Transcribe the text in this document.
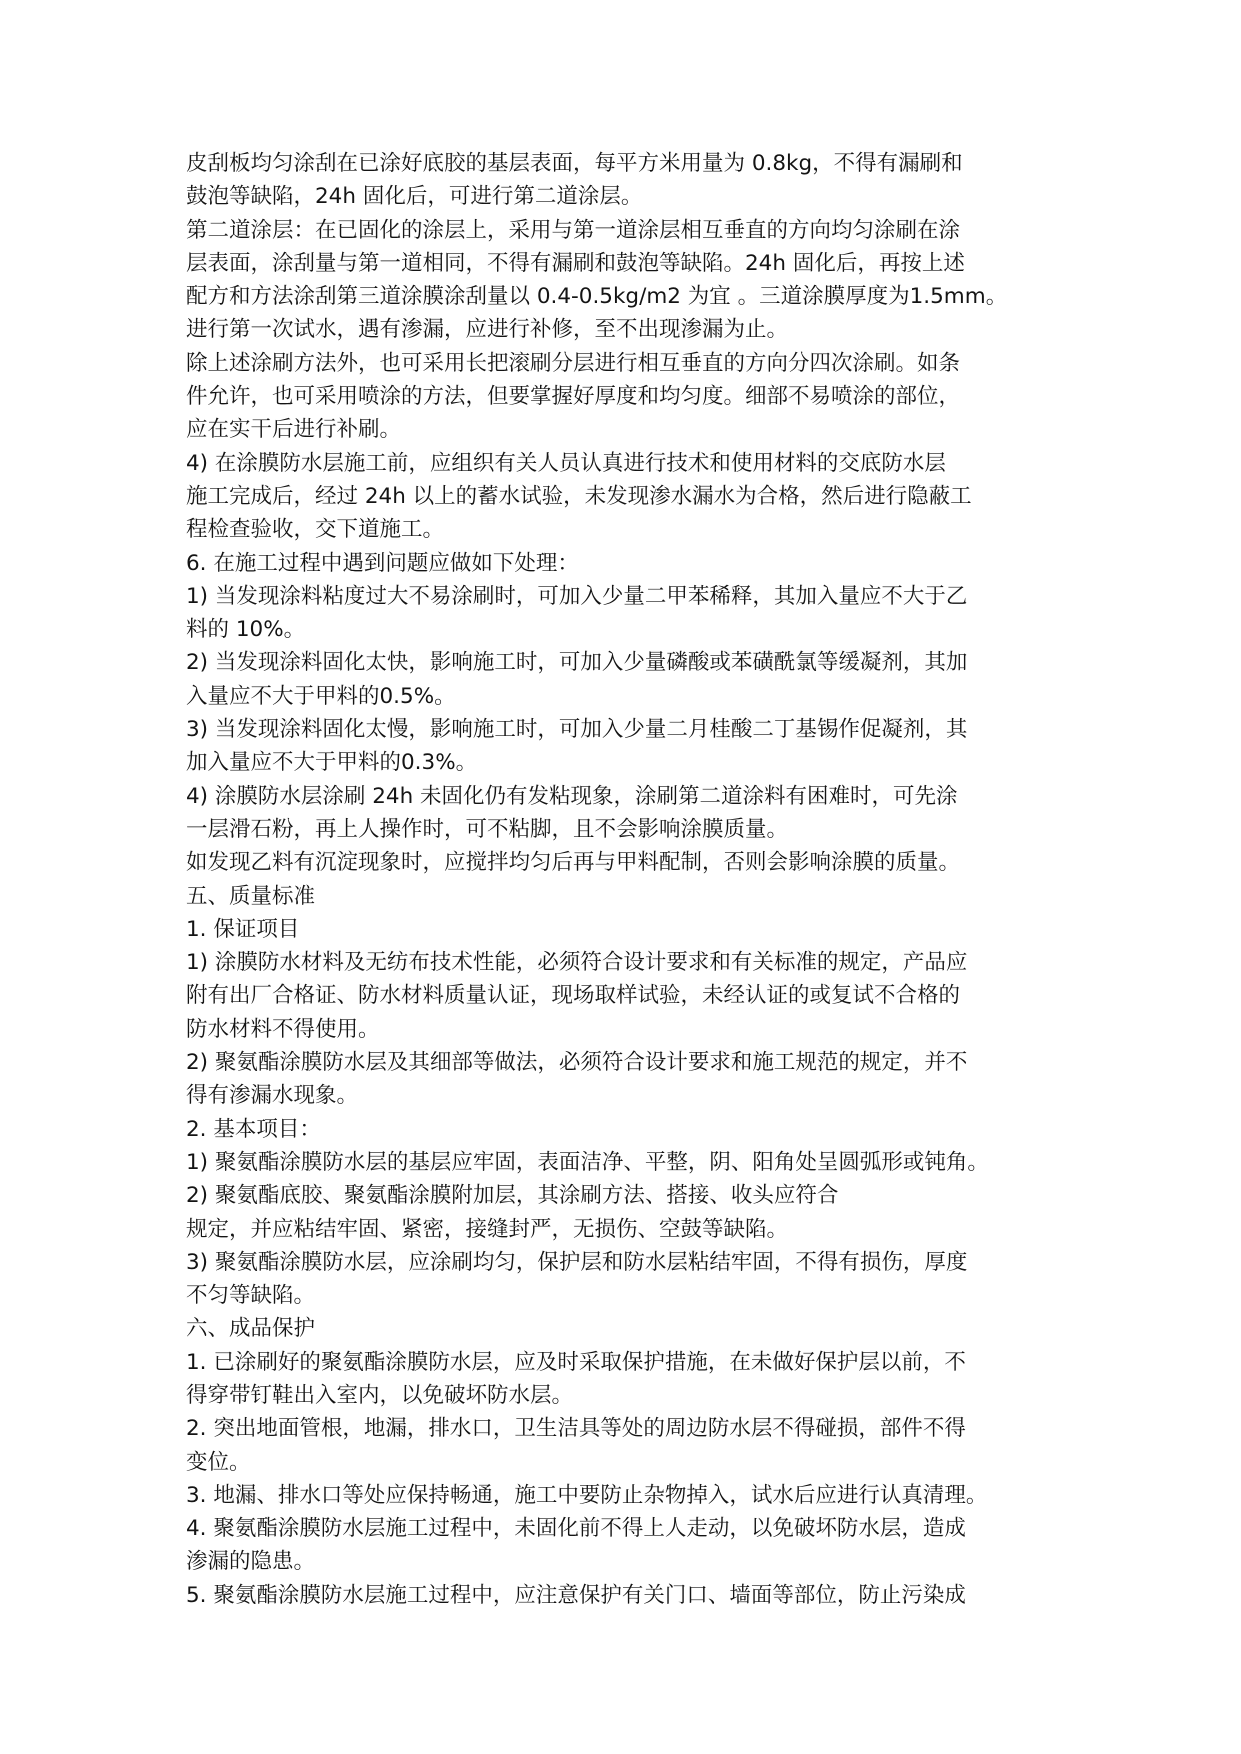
皮刮板均匀涂刮在已涂好底胶的基层表面，每平方米用量为 0.8kg，不得有漏刷和
鼓泡等缺陷，24h 固化后，可进行第二道涂层。
第二道涂层：在已固化的涂层上，采用与第一道涂层相互垂直的方向均匀涂刷在涂
层表面，涂刮量与第一道相同，不得有漏刷和鼓泡等缺陷。24h 固化后，再按上述
配方和方法涂刮第三道涂膜涂刮量以 0.4-0.5kg/m2 为宜 。三道涂膜厚度为1.5mm。
进行第一次试水，遇有渗漏，应进行补修，至不出现渗漏为止。
除上述涂刷方法外，也可采用长把滚刷分层进行相互垂直的方向分四次涂刷。如条
件允许，也可采用喷涂的方法，但要掌握好厚度和均匀度。细部不易喷涂的部位，
应在实干后进行补刷。
4) 在涂膜防水层施工前，应组织有关人员认真进行技术和使用材料的交底防水层
施工完成后，经过 24h 以上的蓄水试验，未发现渗水漏水为合格，然后进行隐蔽工
程检查验收，交下道施工。
6. 在施工过程中遇到问题应做如下处理：
1) 当发现涂料粘度过大不易涂刷时，可加入少量二甲苯稀释，其加入量应不大于乙
料的 10%。
2) 当发现涂料固化太快，影响施工时，可加入少量磷酸或苯磺酰氯等缓凝剂，其加
入量应不大于甲料的0.5%。
3) 当发现涂料固化太慢，影响施工时，可加入少量二月桂酸二丁基锡作促凝剂，其
加入量应不大于甲料的0.3%。
4) 涂膜防水层涂刷 24h 未固化仍有发粘现象，涂刷第二道涂料有困难时，可先涂
一层滑石粉，再上人操作时，可不粘脚，且不会影响涂膜质量。
如发现乙料有沉淀现象时，应搅拌均匀后再与甲料配制，否则会影响涂膜的质量。
五、质量标准
1. 保证项目
1) 涂膜防水材料及无纺布技术性能，必须符合设计要求和有关标准的规定，产品应
附有出厂合格证、防水材料质量认证，现场取样试验，未经认证的或复试不合格的
防水材料不得使用。
2) 聚氨酯涂膜防水层及其细部等做法，必须符合设计要求和施工规范的规定，并不
得有渗漏水现象。
2. 基本项目：
1) 聚氨酯涂膜防水层的基层应牢固，表面洁净、平整，阴、阳角处呈圆弧形或钝角。
2) 聚氨酯底胶、聚氨酯涂膜附加层，其涂刷方法、搭接、收头应符合
规定，并应粘结牢固、紧密，接缝封严，无损伤、空鼓等缺陷。
3) 聚氨酯涂膜防水层，应涂刷均匀，保护层和防水层粘结牢固，不得有损伤，厚度
不匀等缺陷。
六、成品保护
1. 已涂刷好的聚氨酯涂膜防水层，应及时采取保护措施，在未做好保护层以前，不
得穿带钉鞋出入室内，以免破坏防水层。
2. 突出地面管根，地漏，排水口，卫生洁具等处的周边防水层不得碰损，部件不得
变位。
3. 地漏、排水口等处应保持畅通，施工中要防止杂物掉入，试水后应进行认真清理。
4. 聚氨酯涂膜防水层施工过程中，未固化前不得上人走动，以免破坏防水层，造成
渗漏的隐患。
5. 聚氨酯涂膜防水层施工过程中，应注意保护有关门口、墙面等部位，防止污染成
